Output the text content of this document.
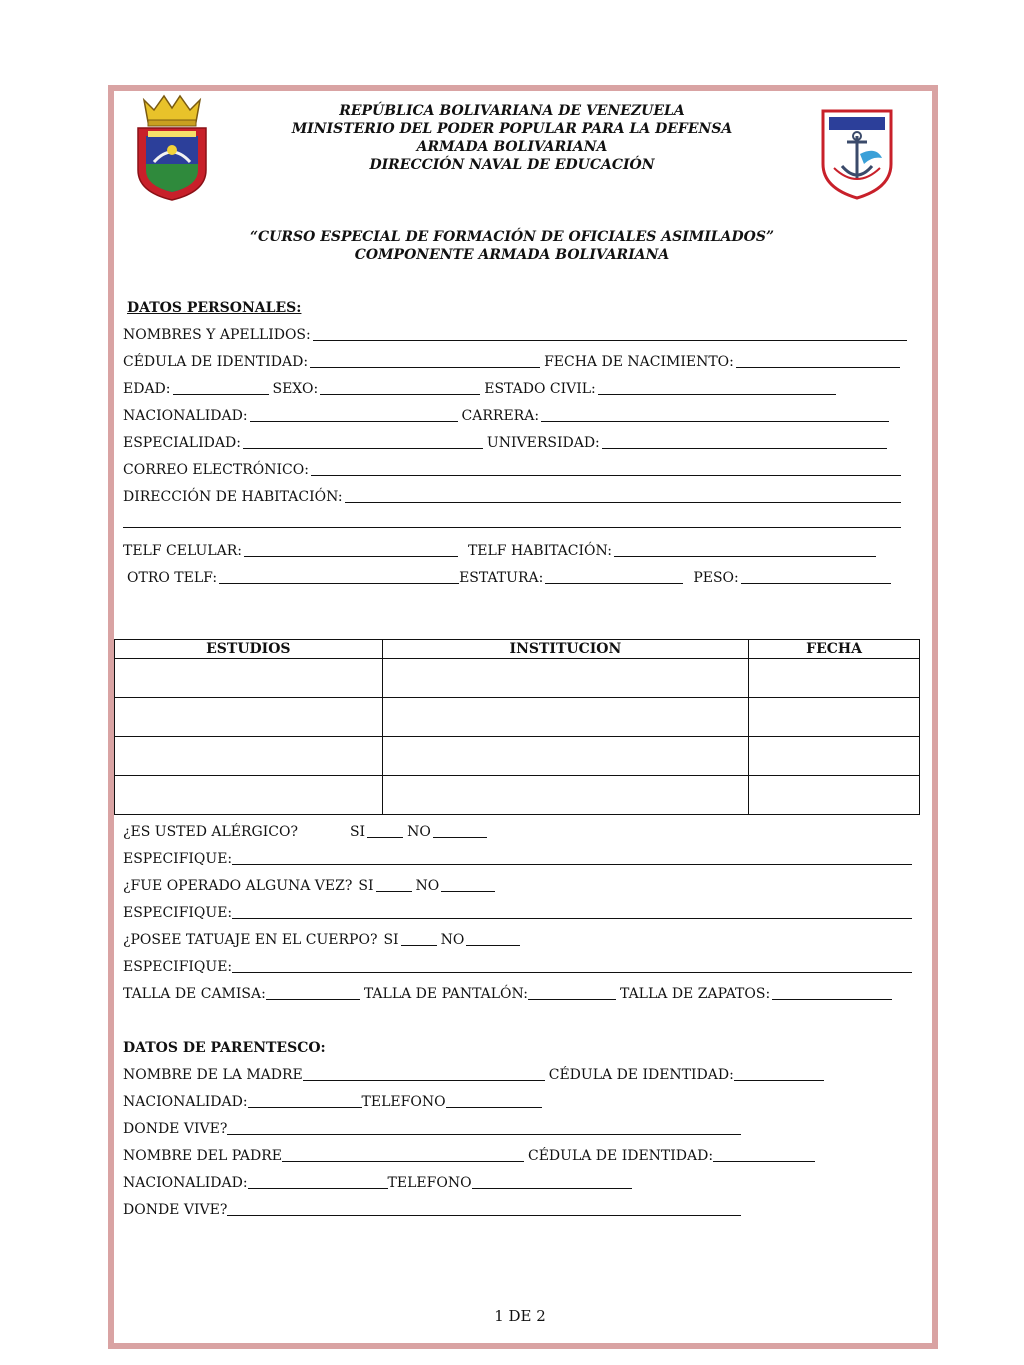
REPÚBLICA BOLIVARIANA DE VENEZUELA
MINISTERIO DEL PODER POPULAR PARA LA DEFENSA
ARMADA BOLIVARIANA
DIRECCIÓN NAVAL DE EDUCACIÓN
“CURSO ESPECIAL DE FORMACIÓN DE OFICIALES ASIMILADOS”
COMPONENTE ARMADA BOLIVARIANA
DATOS PERSONALES:
NOMBRES Y APELLIDOS:
CÉDULA DE IDENTIDAD:	FECHA DE NACIMIENTO:
EDAD:	SEXO:	ESTADO CIVIL:
NACIONALIDAD:	CARRERA:
ESPECIALIDAD:	UNIVERSIDAD:
CORREO ELECTRÓNICO:
DIRECCIÓN DE HABITACIÓN:
TELF CELULAR:	TELF HABITACIÓN:
OTRO TELF:	ESTATURA:	PESO:
ESTUDIOS	INSTITUCION	FECHA

¿ES USTED ALÉRGICO?	SI	NO
ESPECIFIQUE:
¿FUE OPERADO ALGUNA VEZ? SI	NO
ESPECIFIQUE:
¿POSEE TATUAJE EN EL CUERPO? SI	NO
ESPECIFIQUE:
TALLA DE CAMISA:	TALLA DE PANTALÓN:	TALLA DE ZAPATOS:
DATOS DE PARENTESCO:
NOMBRE DE LA MADRE	CÉDULA DE IDENTIDAD:
NACIONALIDAD:	TELEFONO
DONDE VIVE?
NOMBRE DEL PADRE	CÉDULA DE IDENTIDAD:
NACIONALIDAD:	TELEFONO
DONDE VIVE?
1 DE 2
